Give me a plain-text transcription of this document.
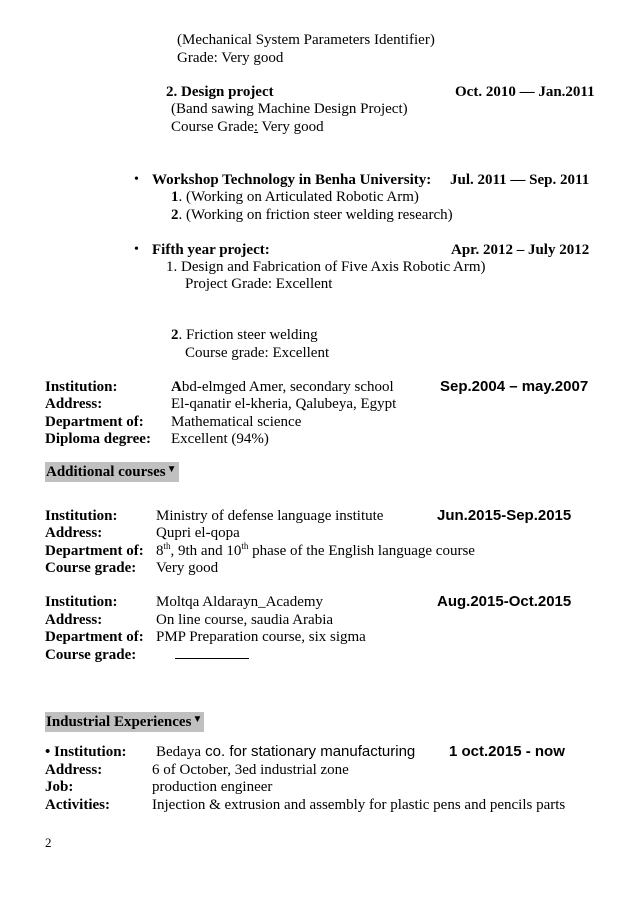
(Mechanical System Parameters Identifier)
Grade: Very good
2. Design project	Oct. 2010 — Jan.2011
(Band sawing Machine Design Project)
Course Grade: Very good
• Workshop Technology in Benha University: Jul. 2011 — Sep. 2011
1. (Working on Articulated Robotic Arm)
2. (Working on friction steer welding research)
• Fifth year project:	Apr. 2012 – July 2012
1. Design and Fabrication of Five Axis Robotic Arm)
Project Grade: Excellent
2. Friction steer welding
Course grade: Excellent
Institution:	Abd-elmged Amer, secondary school	Sep.2004 – may.2007
Address:	El-qanatir el-kheria, Qalubeya, Egypt
Department of: Mathematical science
Diploma degree: Excellent (94%)
Additional courses▼
Institution:	Ministry of defense language institute	Jun.2015-Sep.2015
Address:	Qupri el-qopa
Department of: 8th, 9th and 10th phase of the English language course
Course grade: Very good
Institution:	Moltqa Aldarayn_Academy	Aug.2015-Oct.2015
Address:	On line course, saudia Arabia
Department of: PMP Preparation course, six sigma
Course grade:
Industrial Experiences▼
• Institution: Bedaya co. for stationary manufacturing 1 oct.2015 - now
Address:	6 of October, 3ed industrial zone
Job:	production engineer
Activities:	Injection & extrusion and assembly for plastic pens and pencils parts
2
